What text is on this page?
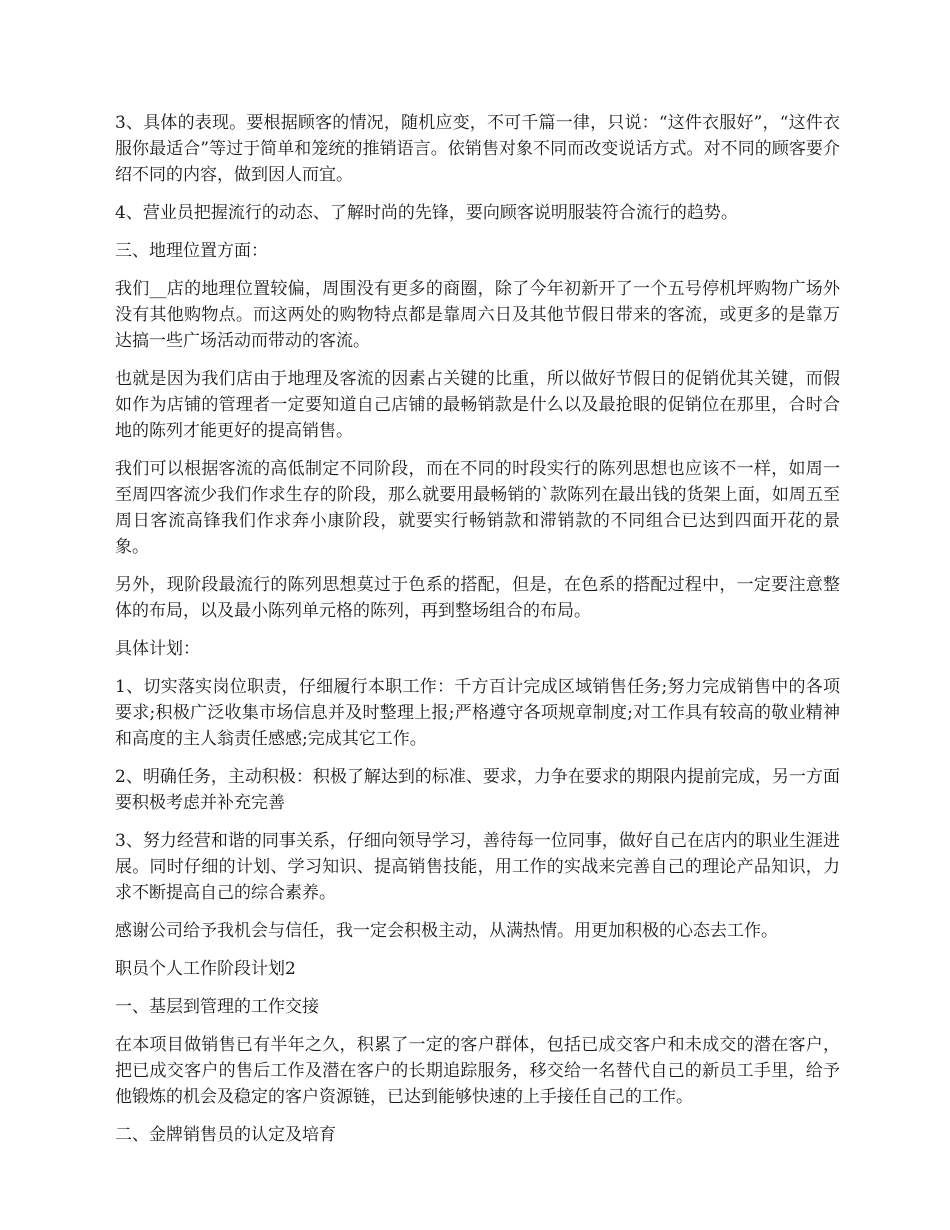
3、具体的表现。要根据顾客的情况，随机应变，不可千篇一律，只说：“这件衣服好”，“这件衣服你最适合”等过于简单和笼统的推销语言。依销售对象不同而改变说话方式。对不同的顾客要介绍不同的内容，做到因人而宜。

4、营业员把握流行的动态、了解时尚的先锋，要向顾客说明服装符合流行的趋势。

三、地理位置方面：

我们__店的地理位置较偏，周围没有更多的商圈，除了今年初新开了一个五号停机坪购物广场外没有其他购物点。而这两处的购物特点都是靠周六日及其他节假日带来的客流，或更多的是靠万达搞一些广场活动而带动的客流。

也就是因为我们店由于地理及客流的因素占关键的比重，所以做好节假日的促销优其关键，而假如作为店铺的管理者一定要知道自己店铺的最畅销款是什么以及最抢眼的促销位在那里，合时合地的陈列才能更好的提高销售。

我们可以根据客流的高低制定不同阶段，而在不同的时段实行的陈列思想也应该不一样，如周一至周四客流少我们作求生存的阶段，那么就要用最畅销的`款陈列在最出钱的货架上面，如周五至周日客流高锋我们作求奔小康阶段，就要实行畅销款和滞销款的不同组合已达到四面开花的景象。

另外，现阶段最流行的陈列思想莫过于色系的搭配，但是，在色系的搭配过程中，一定要注意整体的布局，以及最小陈列单元格的陈列，再到整场组合的布局。

具体计划：

1、切实落实岗位职责，仔细履行本职工作：千方百计完成区域销售任务;努力完成销售中的各项要求;积极广泛收集市场信息并及时整理上报;严格遵守各项规章制度;对工作具有较高的敬业精神和高度的主人翁责任感感;完成其它工作。

2、明确任务，主动积极：积极了解达到的标准、要求，力争在要求的期限内提前完成，另一方面要积极考虑并补充完善

3、努力经营和谐的同事关系，仔细向领导学习，善待每一位同事，做好自己在店内的职业生涯进展。同时仔细的计划、学习知识、提高销售技能，用工作的实战来完善自己的理论产品知识，力求不断提高自己的综合素养。

感谢公司给予我机会与信任，我一定会积极主动，从满热情。用更加积极的心态去工作。

职员个人工作阶段计划2

一、基层到管理的工作交接

在本项目做销售已有半年之久，积累了一定的客户群体，包括已成交客户和未成交的潜在客户，把已成交客户的售后工作及潜在客户的长期追踪服务，移交给一名替代自己的新员工手里，给予他锻炼的机会及稳定的客户资源链，已达到能够快速的上手接任自己的工作。

二、金牌销售员的认定及培育
